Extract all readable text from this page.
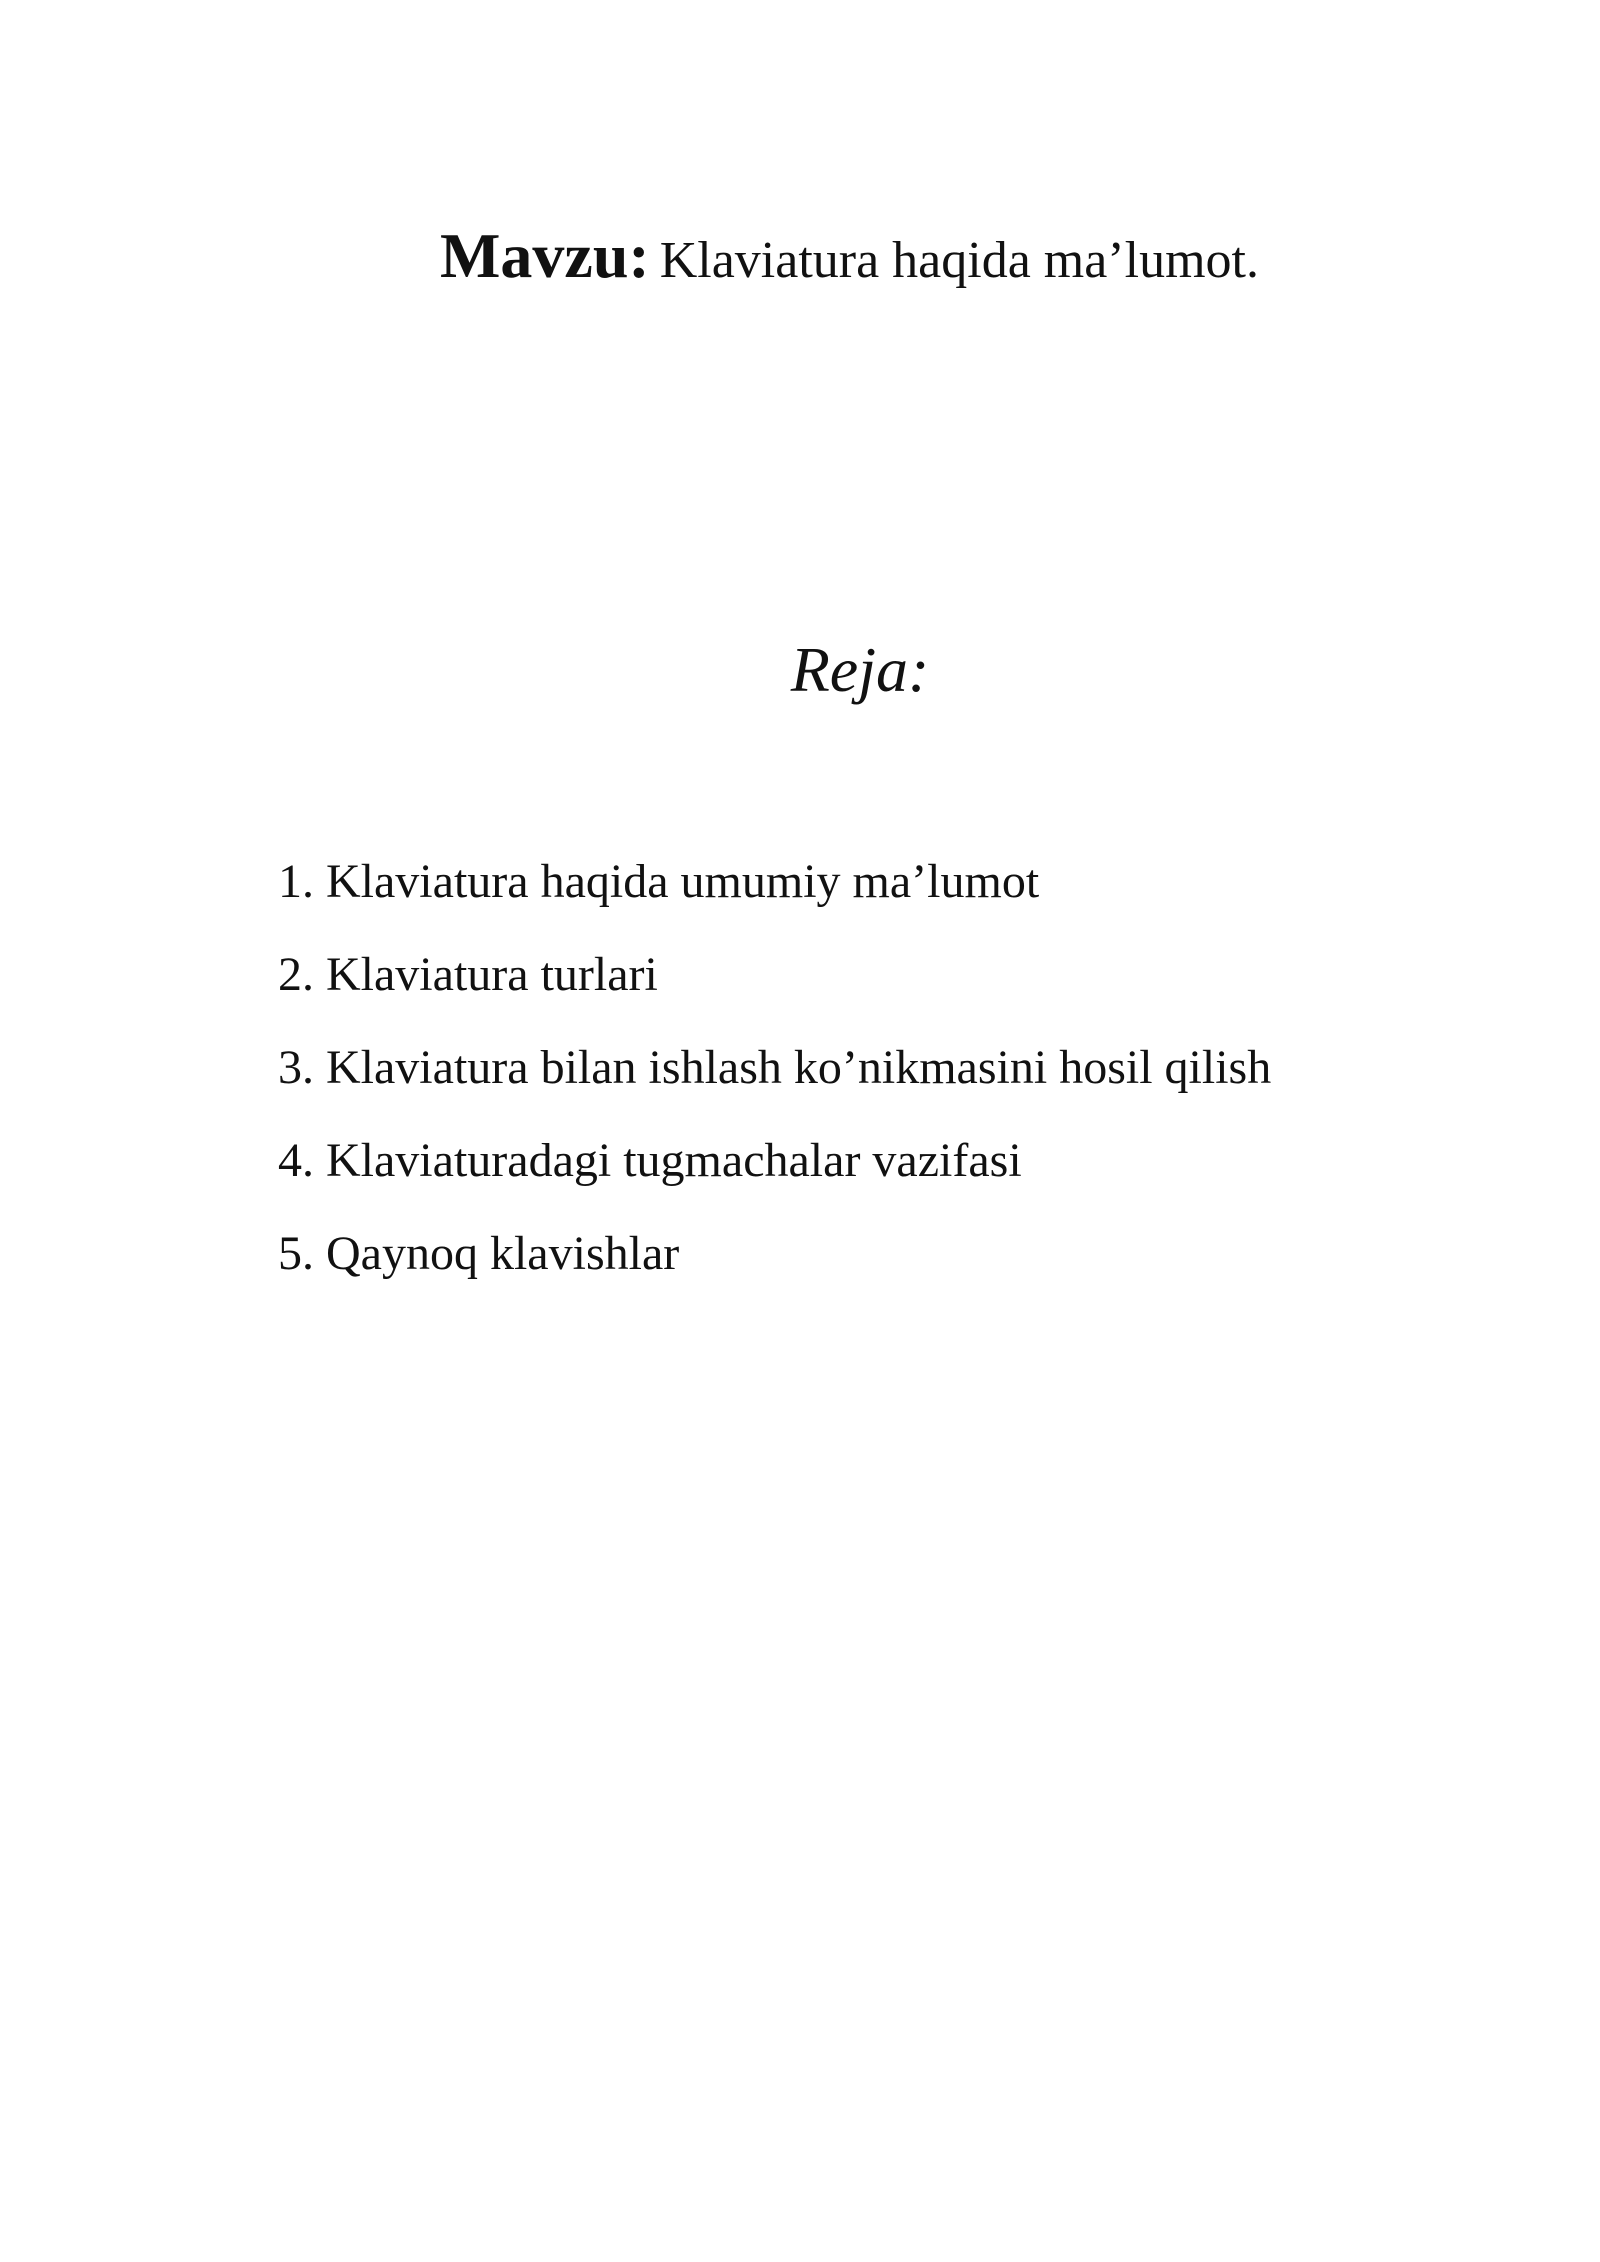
Mavzu: Klaviatura haqida ma’lumot.
Reja:
1. Klaviatura haqida umumiy ma’lumot
2. Klaviatura turlari
3. Klaviatura bilan ishlash ko’nikmasini hosil qilish
4. Klaviaturadagi tugmachalar vazifasi
5. Qaynoq klavishlar
